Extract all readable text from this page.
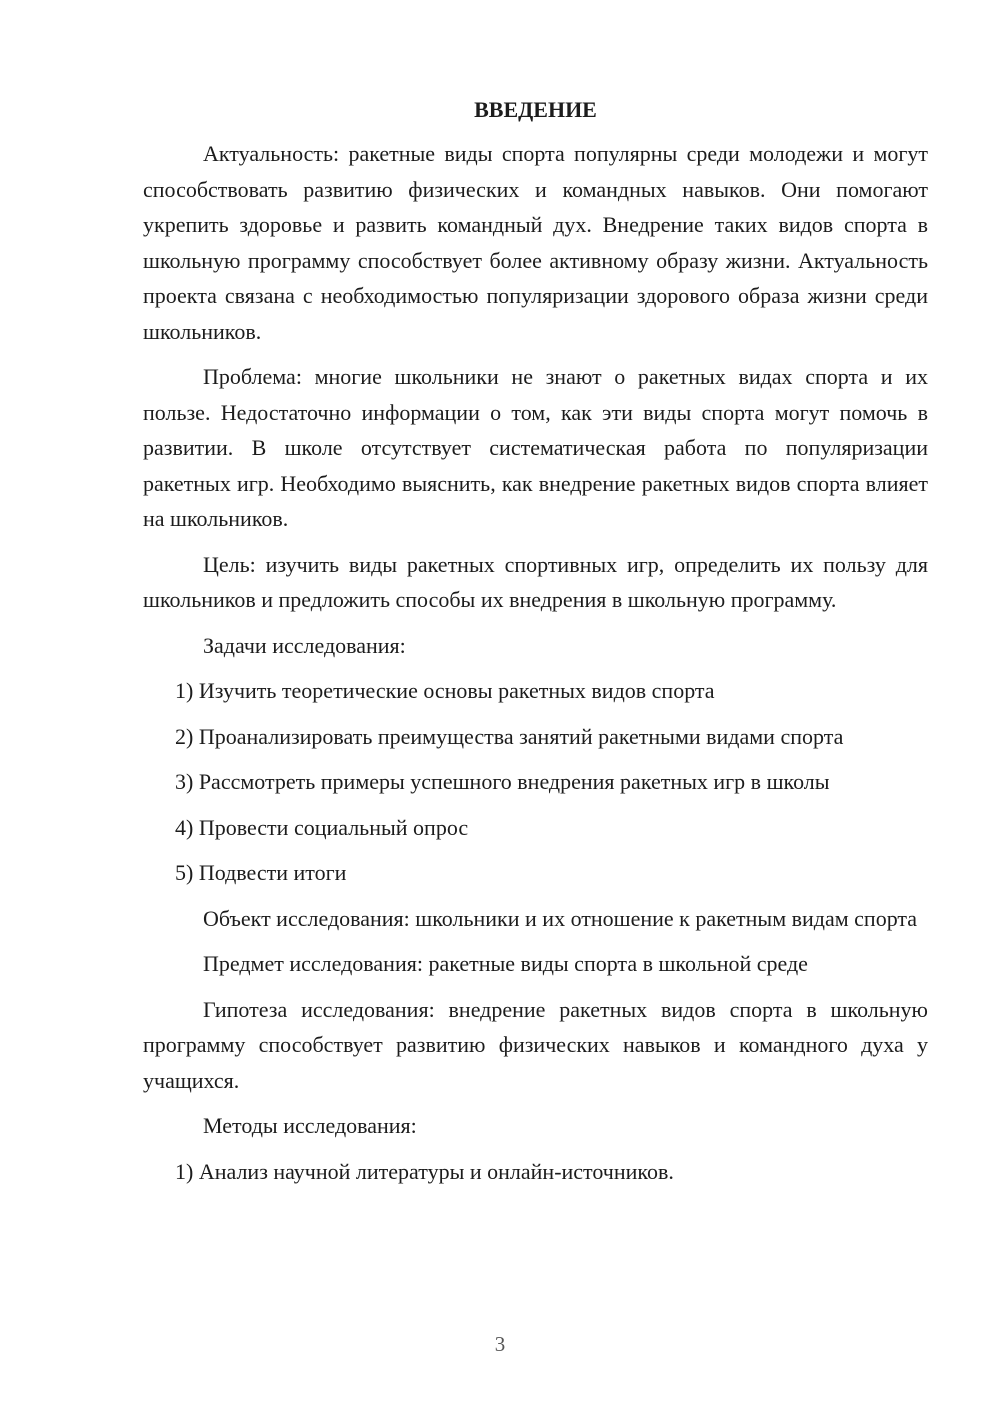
ВВЕДЕНИЕ
Актуальность: ракетные виды спорта популярны среди молодежи и могут способствовать развитию физических и командных навыков. Они помогают укрепить здоровье и развить командный дух. Внедрение таких видов спорта в школьную программу способствует более активному образу жизни. Актуальность проекта связана с необходимостью популяризации здорового образа жизни среди школьников.
Проблема: многие школьники не знают о ракетных видах спорта и их пользе. Недостаточно информации о том, как эти виды спорта могут помочь в развитии. В школе отсутствует систематическая работа по популяризации ракетных игр. Необходимо выяснить, как внедрение ракетных видов спорта влияет на школьников.
Цель: изучить виды ракетных спортивных игр, определить их пользу для школьников и предложить способы их внедрения в школьную программу.
Задачи исследования:
1) Изучить теоретические основы ракетных видов спорта
2) Проанализировать преимущества занятий ракетными видами спорта
3) Рассмотреть примеры успешного внедрения ракетных игр в школы
4) Провести социальный опрос
5) Подвести итоги
Объект исследования: школьники и их отношение к ракетным видам спорта
Предмет исследования: ракетные виды спорта в школьной среде
Гипотеза исследования: внедрение ракетных видов спорта в школьную программу способствует развитию физических навыков и командного духа у учащихся.
Методы исследования:
1) Анализ научной литературы и онлайн-источников.
3
